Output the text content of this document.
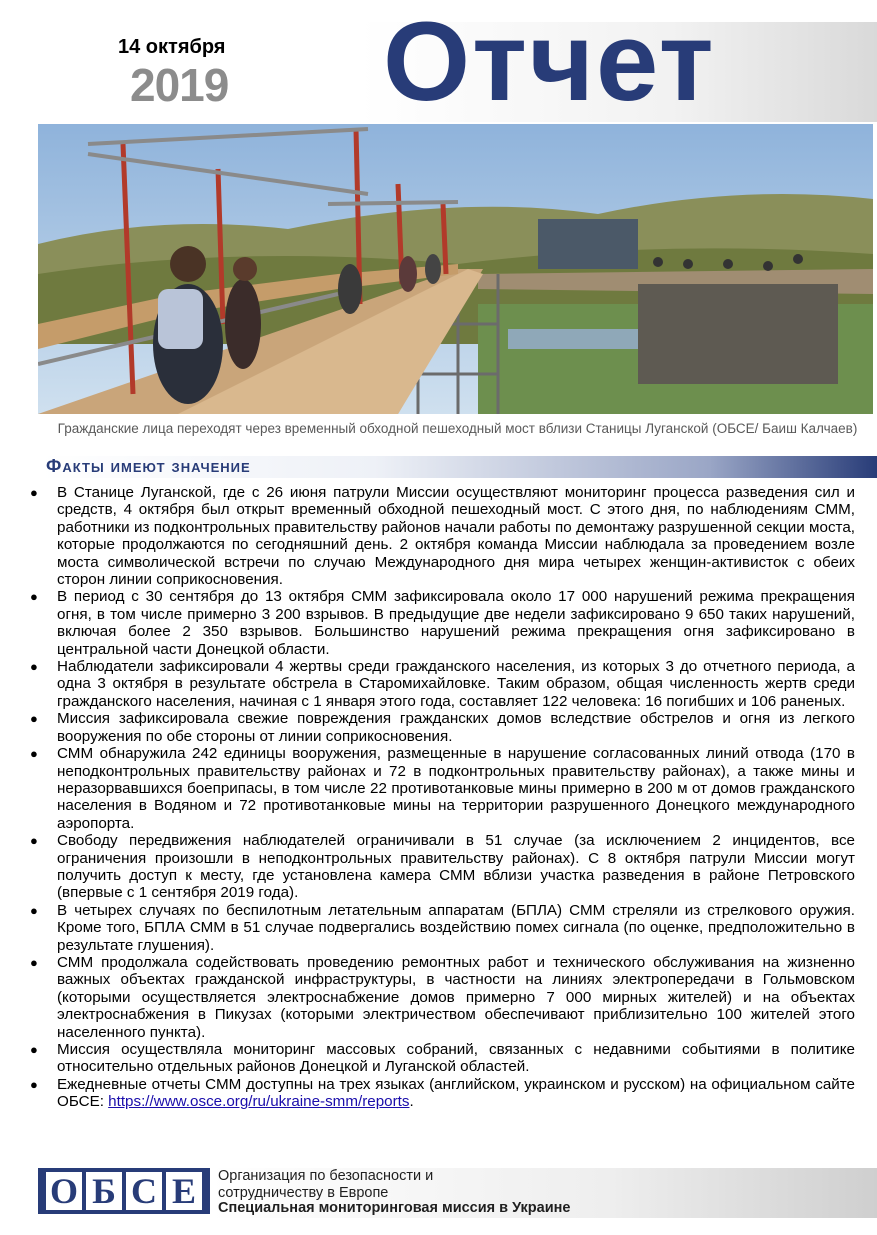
14 октября
2019 Отчет
Гражданские лица переходят через временный обходной пешеходный мост вблизи Станицы Луганской (ОБСЕ/ Баиш Калчаев)
Факты имеют значение
● В Станице Луганской, где с 26 июня патрули Миссии осуществляют мониторинг процесса разведения сил и средств, 4 октября был открыт временный обходной пешеходный мост. С этого дня, по наблюдениям СММ, работники из подконтрольных правительству районов начали работы по демонтажу разрушенной секции моста, которые продолжаются по сегодняшний день. 2 октября команда Миссии наблюдала за проведением возле моста символической встречи по случаю Международного дня мира четырех женщин-активисток с обеих сторон линии соприкосновения.
● В период с 30 сентября до 13 октября СММ зафиксировала около 17 000 нарушений режима прекращения огня, в том числе примерно 3 200 взрывов. В предыдущие две недели зафиксировано 9 650 таких нарушений, включая более 2 350 взрывов. Большинство нарушений режима прекращения огня зафиксировано в центральной части Донецкой области.
● Наблюдатели зафиксировали 4 жертвы среди гражданского населения, из которых 3 до отчетного периода, а одна 3 октября в результате обстрела в Старомихайловке. Таким образом, общая численность жертв среди гражданского населения, начиная с 1 января этого года, составляет 122 человека: 16 погибших и 106 раненых.
● Миссия зафиксировала свежие повреждения гражданских домов вследствие обстрелов и огня из легкого вооружения по обе стороны от линии соприкосновения.
● СММ обнаружила 242 единицы вооружения, размещенные в нарушение согласованных линий отвода (170 в неподконтрольных правительству районах и 72 в подконтрольных правительству районах), а также мины и неразорвавшихся боеприпасы, в том числе 22 противотанковые мины примерно в 200 м от домов гражданского населения в Водяном и 72 противотанковые мины на территории разрушенного Донецкого международного аэропорта.
● Свободу передвижения наблюдателей ограничивали в 51 случае (за исключением 2 инцидентов, все ограничения произошли в неподконтрольных правительству районах). С 8 октября патрули Миссии могут получить доступ к месту, где установлена камера СММ вблизи участка разведения в районе Петровского (впервые с 1 сентября 2019 года).
● В четырех случаях по беспилотным летательным аппаратам (БПЛА) СММ стреляли из стрелкового оружия. Кроме того, БПЛА СММ в 51 случае подвергались воздействию помех сигнала (по оценке, предположительно в результате глушения).
● СММ продолжала содействовать проведению ремонтных работ и технического обслуживания на жизненно важных объектах гражданской инфраструктуры, в частности на линиях электропередачи в Гольмовском (которыми осуществляется электроснабжение домов примерно 7 000 мирных жителей) и на объектах электроснабжения в Пикузах (которыми электричеством обеспечивают приблизительно 100 жителей этого населенного пункта).
● Миссия осуществляла мониторинг массовых собраний, связанных с недавними событиями в политике относительно отдельных районов Донецкой и Луганской областей.
● Ежедневные отчеты СММ доступны на трех языках (английском, украинском и русском) на официальном сайте ОБСЕ: https://www.osce.org/ru/ukraine-smm/reports.
О Б С Е	Организация по безопасности и
сотрудничеству в Европе
Специальная мониторинговая миссия в Украине
